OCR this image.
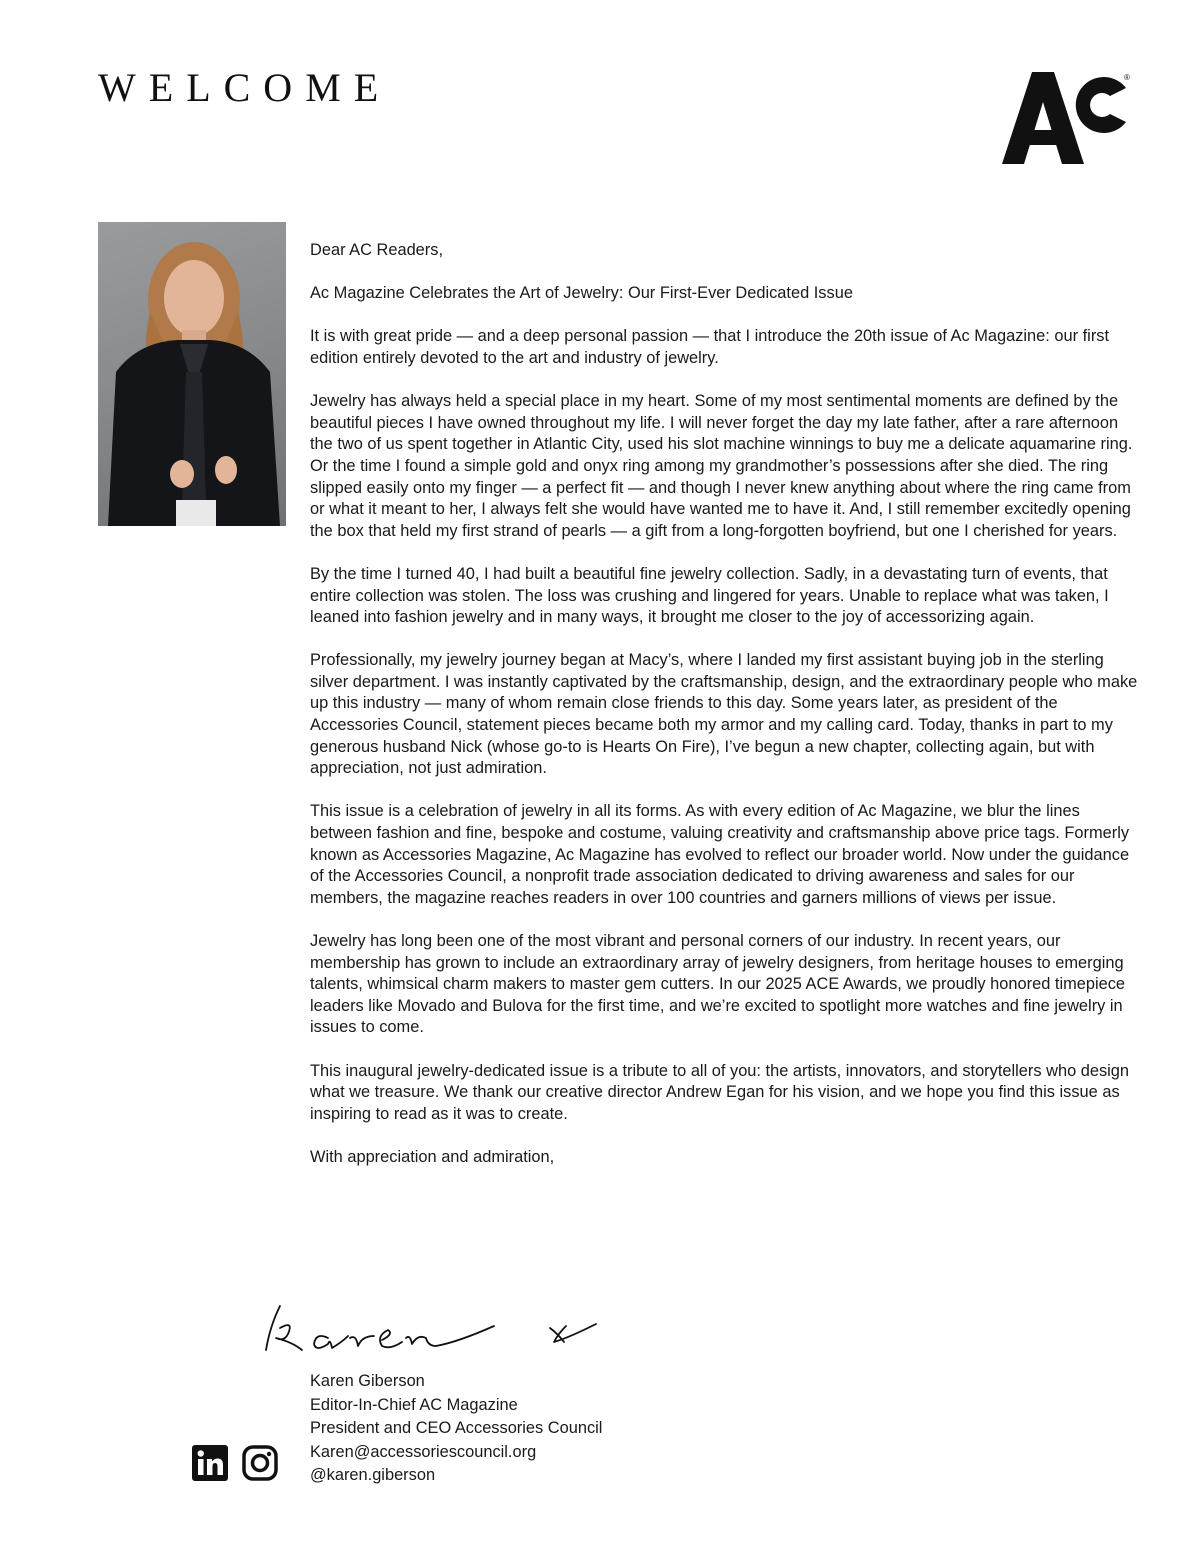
WELCOME	®

Dear AC Readers,

Ac Magazine Celebrates the Art of Jewelry: Our First-Ever Dedicated Issue

It is with great pride — and a deep personal passion — that I introduce the 20th issue of Ac Magazine: our first edition entirely devoted to the art and industry of jewelry.

Jewelry has always held a special place in my heart. Some of my most sentimental moments are defined by the beautiful pieces I have owned throughout my life. I will never forget the day my late father, after a rare afternoon the two of us spent together in Atlantic City, used his slot machine winnings to buy me a delicate aquamarine ring. Or the time I found a simple gold and onyx ring among my grandmother’s possessions after she died. The ring slipped easily onto my finger — a perfect fit — and though I never knew anything about where the ring came from or what it meant to her, I always felt she would have wanted me to have it. And, I still remember excitedly opening the box that held my first strand of pearls — a gift from a long-forgotten boyfriend, but one I cherished for years.

By the time I turned 40, I had built a beautiful fine jewelry collection. Sadly, in a devastating turn of events, that entire collection was stolen. The loss was crushing and lingered for years. Unable to replace what was taken, I leaned into fashion jewelry and in many ways, it brought me closer to the joy of accessorizing again.

Professionally, my jewelry journey began at Macy’s, where I landed my first assistant buying job in the sterling silver department. I was instantly captivated by the craftsmanship, design, and the extraordinary people who make up this industry — many of whom remain close friends to this day. Some years later, as president of the Accessories Council, statement pieces became both my armor and my calling card. Today, thanks in part to my generous husband Nick (whose go-to is Hearts On Fire), I’ve begun a new chapter, collecting again, but with appreciation, not just admiration.

This issue is a celebration of jewelry in all its forms. As with every edition of Ac Magazine, we blur the lines between fashion and fine, bespoke and costume, valuing creativity and craftsmanship above price tags. Formerly known as Accessories Magazine, Ac Magazine has evolved to reflect our broader world. Now under the guidance of the Accessories Council, a nonprofit trade association dedicated to driving awareness and sales for our members, the magazine reaches readers in over 100 countries and garners millions of views per issue.

Jewelry has long been one of the most vibrant and personal corners of our industry. In recent years, our membership has grown to include an extraordinary array of jewelry designers, from heritage houses to emerging talents, whimsical charm makers to master gem cutters. In our 2025 ACE Awards, we proudly honored timepiece leaders like Movado and Bulova for the first time, and we’re excited to spotlight more watches and fine jewelry in issues to come.

This inaugural jewelry-dedicated issue is a tribute to all of you: the artists, innovators, and storytellers who design what we treasure. We thank our creative director Andrew Egan for his vision, and we hope you find this issue as inspiring to read as it was to create.

With appreciation and admiration,

Karen Giberson
Editor-In-Chief AC Magazine
President and CEO Accessories Council
Karen@accessoriescouncil.org
@karen.giberson
